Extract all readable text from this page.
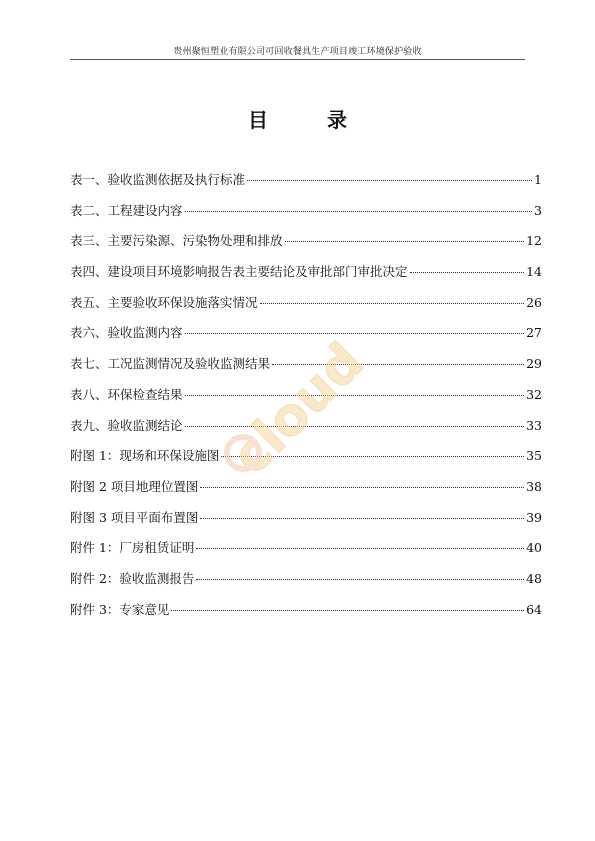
贵州聚恒塑业有限公司可回收餐具生产项目竣工环境保护验收
目 录
表一、验收监测依据及执行标准	1
表二、工程建设内容	3
表三、主要污染源、污染物处理和排放	12
表四、建设项目环境影响报告表主要结论及审批部门审批决定	14
表五、主要验收环保设施落实情况	26
表六、验收监测内容	27
表七、工况监测情况及验收监测结果	29
表八、环保检查结果	32
表九、验收监测结论	33
附图 1：现场和环保设施图	35
附图 2 项目地理位置图	38
附图 3 项目平面布置图	39
附件 1：厂房租赁证明	40
附件 2：验收监测报告	48
附件 3：专家意见	64
cloud
